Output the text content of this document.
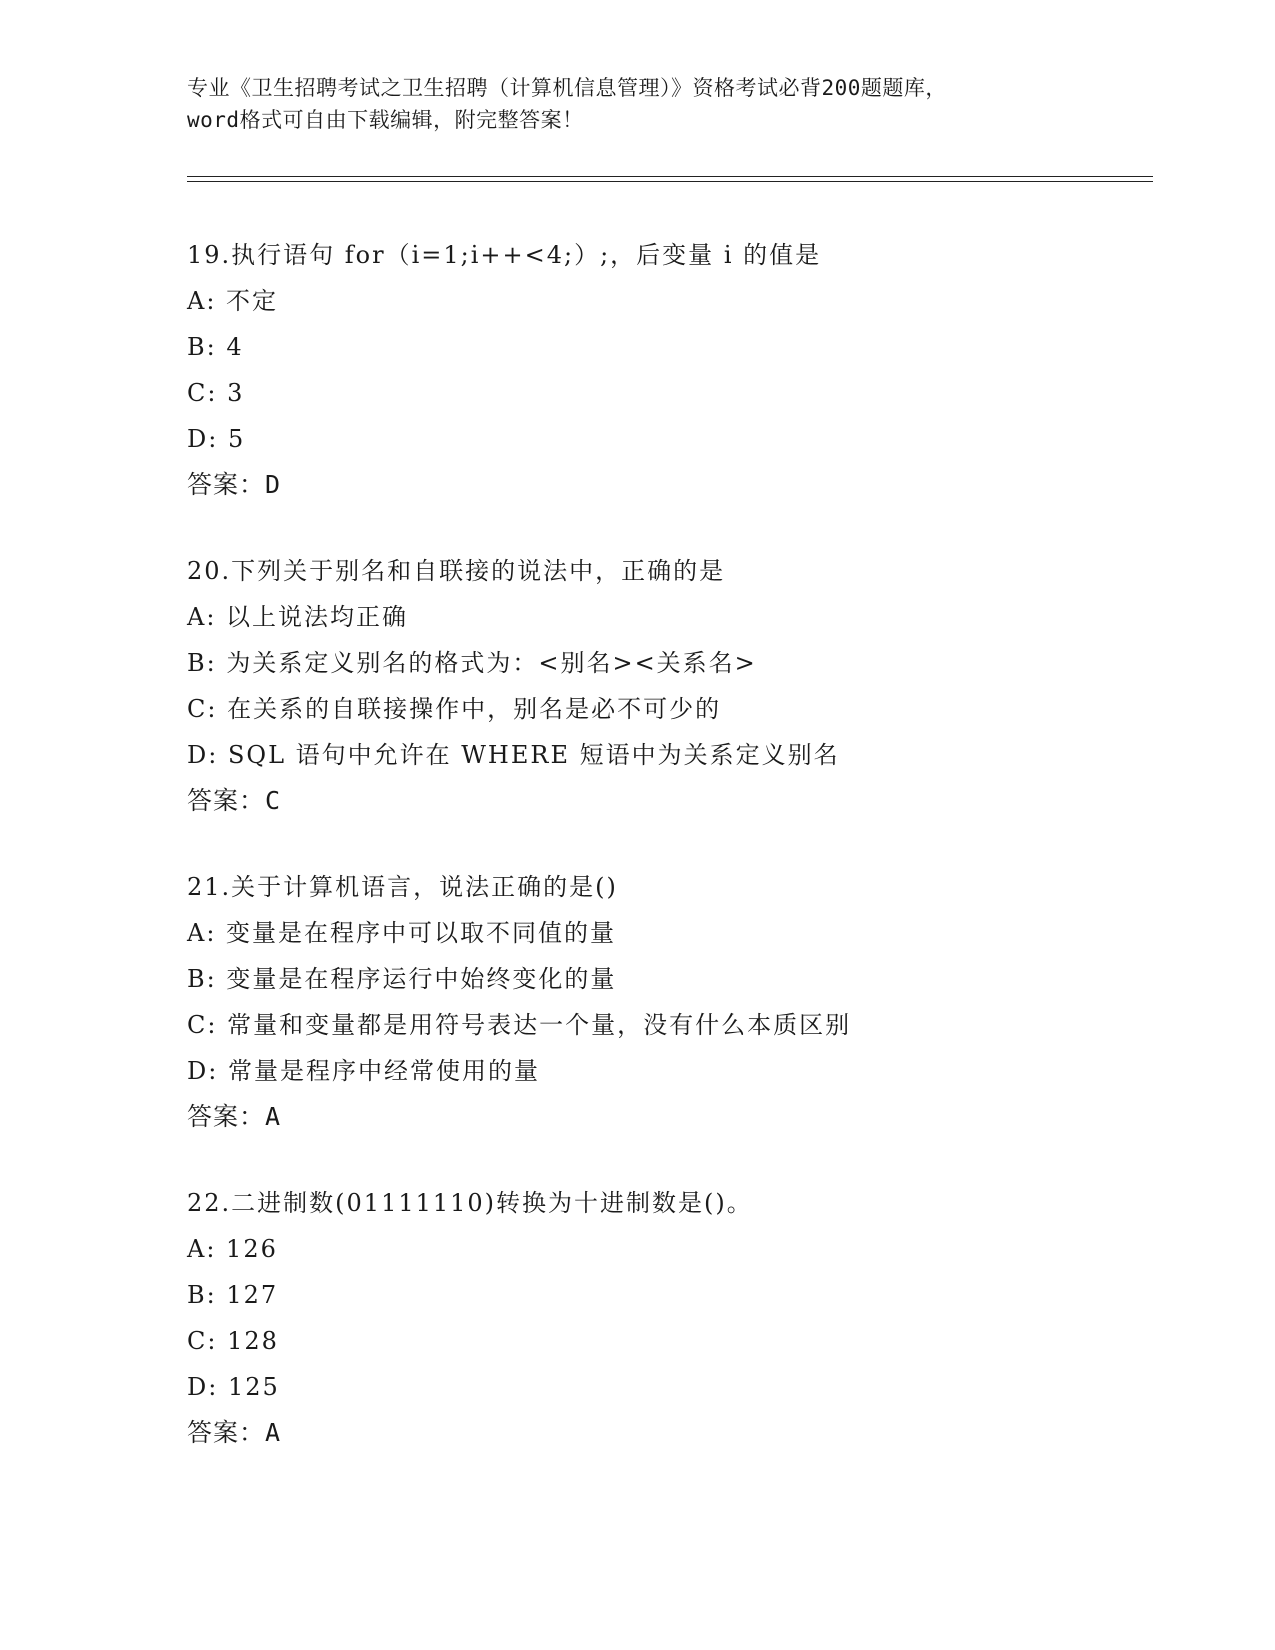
专业《卫生招聘考试之卫生招聘（计算机信息管理）》资格考试必背200题题库，
word格式可自由下载编辑，附完整答案！
19.执行语句 for（i=1;i++<4;）;，后变量 i 的值是
A: 不定
B: 4
C: 3
D: 5
答案：D
20.下列关于别名和自联接的说法中，正确的是
A: 以上说法均正确
B: 为关系定义别名的格式为：<别名><关系名>
C: 在关系的自联接操作中，别名是必不可少的
D: SQL 语句中允许在 WHERE 短语中为关系定义别名
答案：C
21.关于计算机语言，说法正确的是()
A: 变量是在程序中可以取不同值的量
B: 变量是在程序运行中始终变化的量
C: 常量和变量都是用符号表达一个量，没有什么本质区别
D: 常量是程序中经常使用的量
答案：A
22.二进制数(01111110)转换为十进制数是()。
A: 126
B: 127
C: 128
D: 125
答案：A
